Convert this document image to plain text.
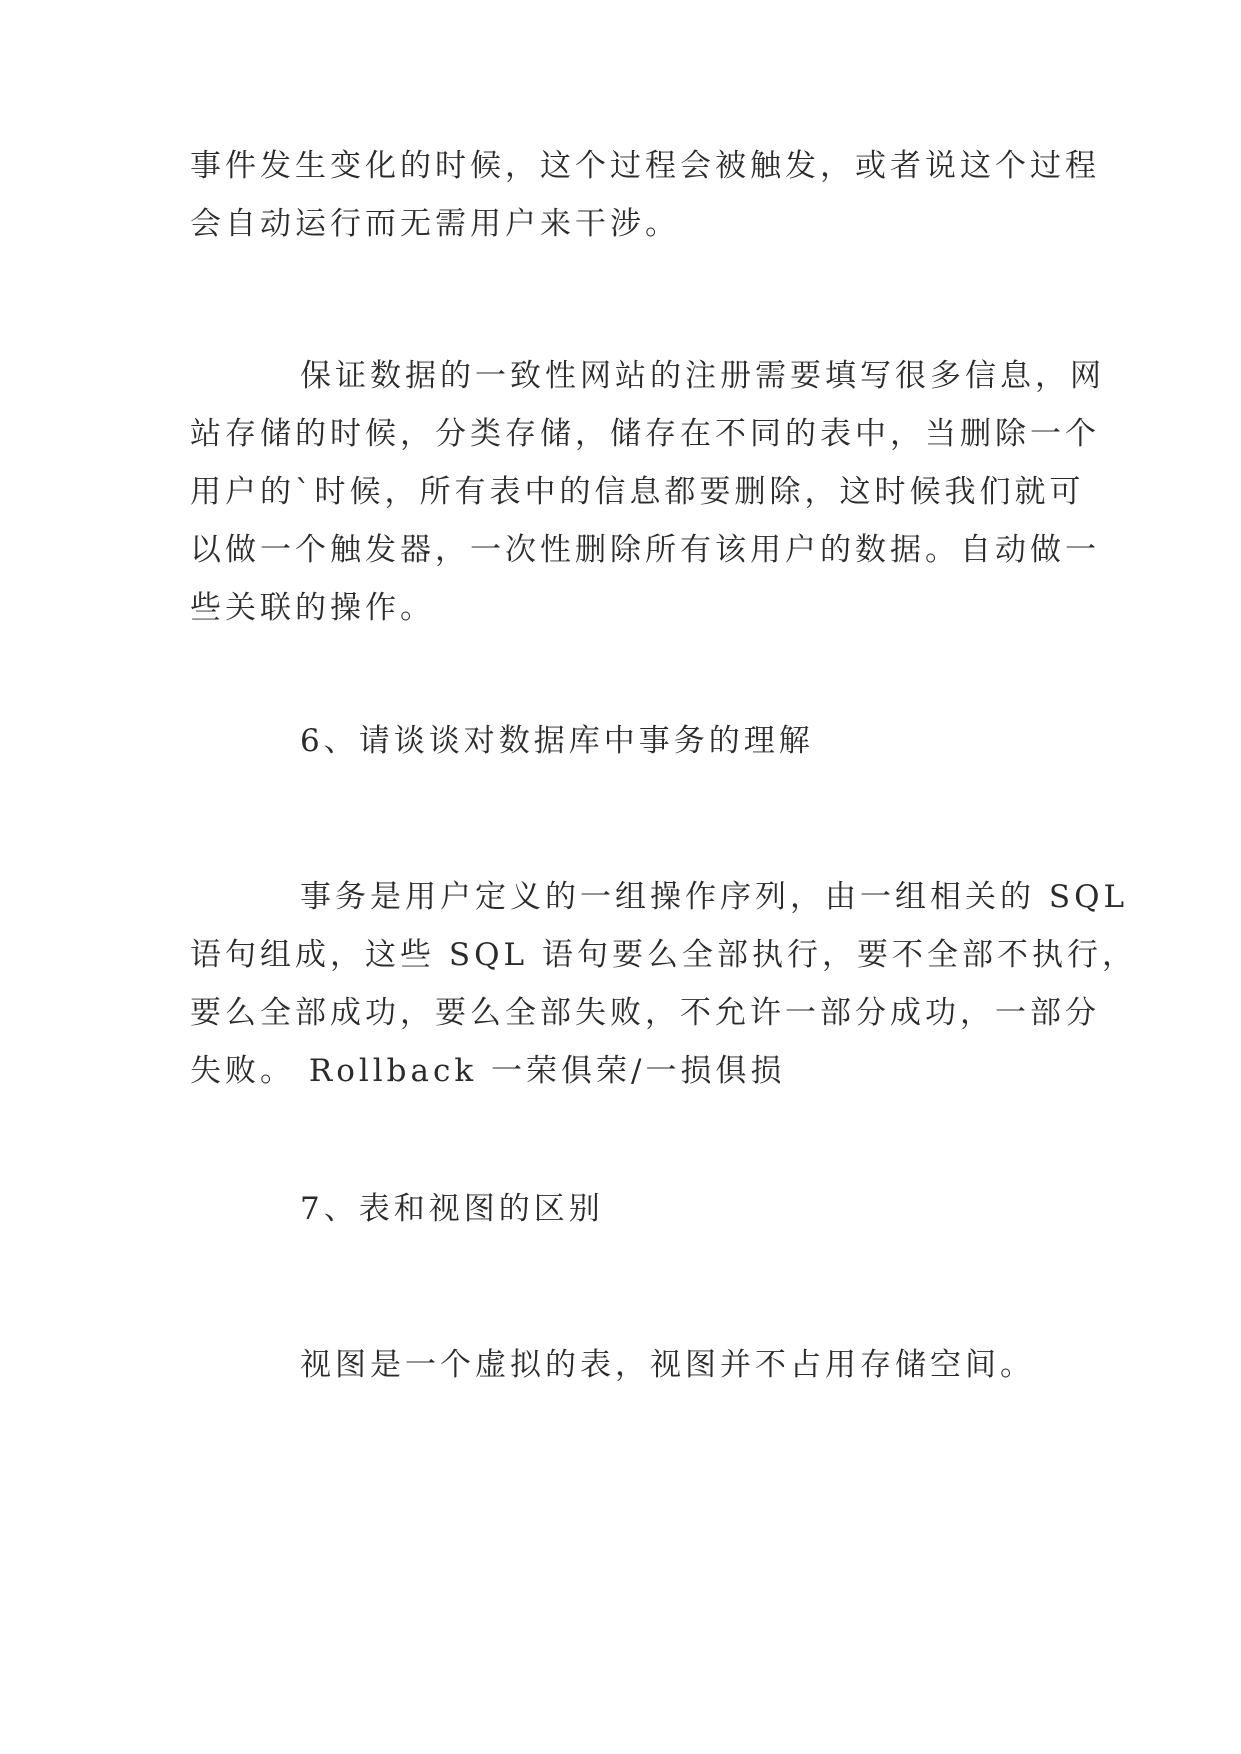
事件发生变化的时候，这个过程会被触发，或者说这个过程
会自动运行而无需用户来干涉。
保证数据的一致性网站的注册需要填写很多信息，网
站存储的时候，分类存储，储存在不同的表中，当删除一个
用户的`时候，所有表中的信息都要删除，这时候我们就可
以做一个触发器，一次性删除所有该用户的数据。自动做一
些关联的操作。
6、请谈谈对数据库中事务的理解
事务是用户定义的一组操作序列，由一组相关的 SQL
语句组成，这些 SQL 语句要么全部执行，要不全部不执行，
要么全部成功，要么全部失败，不允许一部分成功，一部分
失败。 Rollback 一荣俱荣/一损俱损
7、表和视图的区别
视图是一个虚拟的表，视图并不占用存储空间。
